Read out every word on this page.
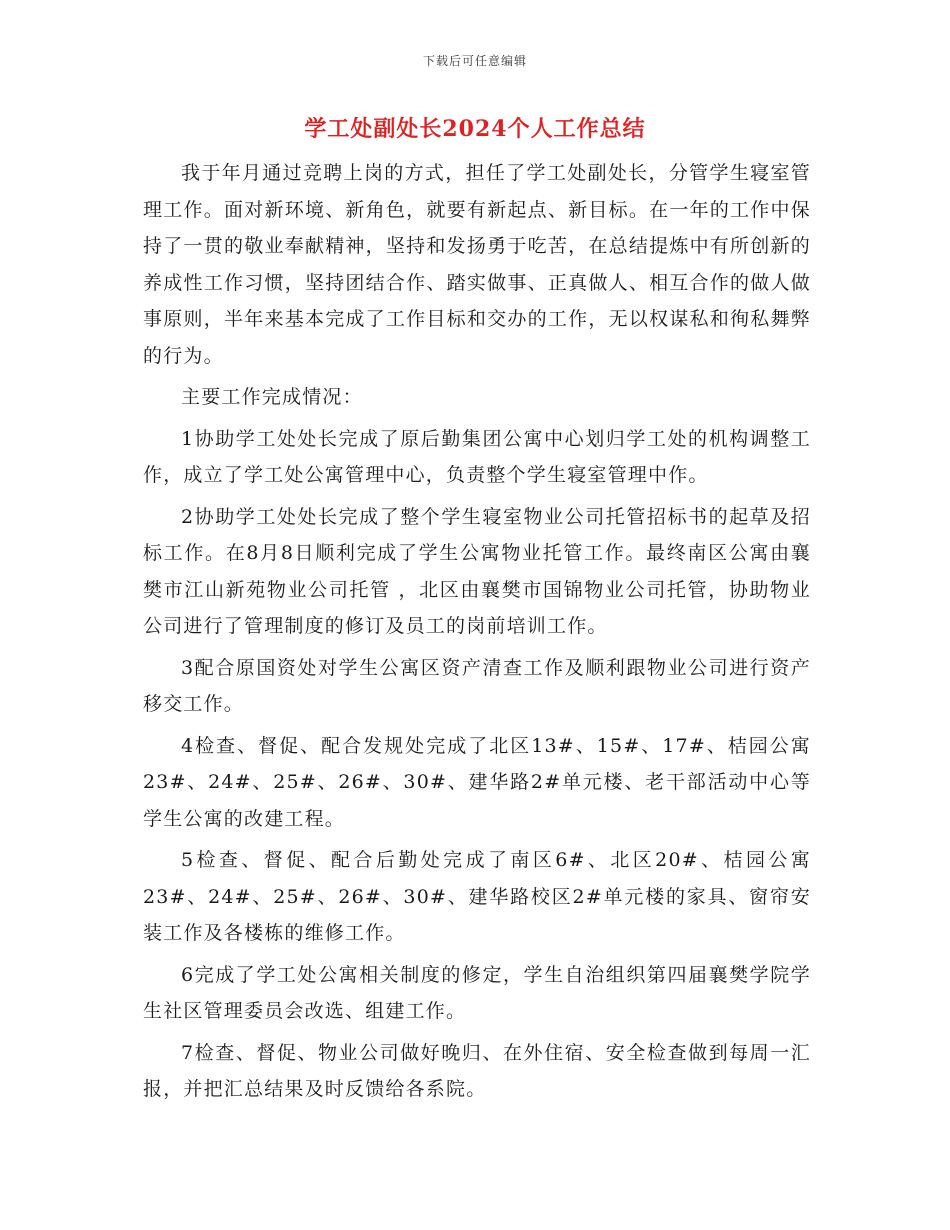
下载后可任意编辑
学工处副处长2024个人工作总结

我于年月通过竞聘上岗的方式，担任了学工处副处长，分管学生寝室管理工作。面对新环境、新角色，就要有新起点、新目标。在一年的工作中保持了一贯的敬业奉献精神，坚持和发扬勇于吃苦，在总结提炼中有所创新的养成性工作习惯，坚持团结合作、踏实做事、正真做人、相互合作的做人做事原则，半年来基本完成了工作目标和交办的工作，无以权谋私和徇私舞弊的行为。

主要工作完成情况：

1协助学工处处长完成了原后勤集团公寓中心划归学工处的机构调整工作，成立了学工处公寓管理中心，负责整个学生寝室管理中作。

2协助学工处处长完成了整个学生寝室物业公司托管招标书的起草及招标工作。在8月8日顺利完成了学生公寓物业托管工作。最终南区公寓由襄樊市江山新苑物业公司托管 ，北区由襄樊市国锦物业公司托管，协助物业公司进行了管理制度的修订及员工的岗前培训工作。

3配合原国资处对学生公寓区资产清查工作及顺利跟物业公司进行资产移交工作。

4检查、督促、配合发规处完成了北区13#、15#、17#、桔园公寓23#、24#、25#、26#、30#、建华路2#单元楼、老干部活动中心等学生公寓的改建工程。

5检查、督促、配合后勤处完成了南区6#、北区20#、桔园公寓23#、24#、25#、26#、30#、建华路校区2#单元楼的家具、窗帘安装工作及各楼栋的维修工作。

6完成了学工处公寓相关制度的修定，学生自治组织第四届襄樊学院学生社区管理委员会改选、组建工作。

7检查、督促、物业公司做好晚归、在外住宿、安全检查做到每周一汇报，并把汇总结果及时反馈给各系院。
